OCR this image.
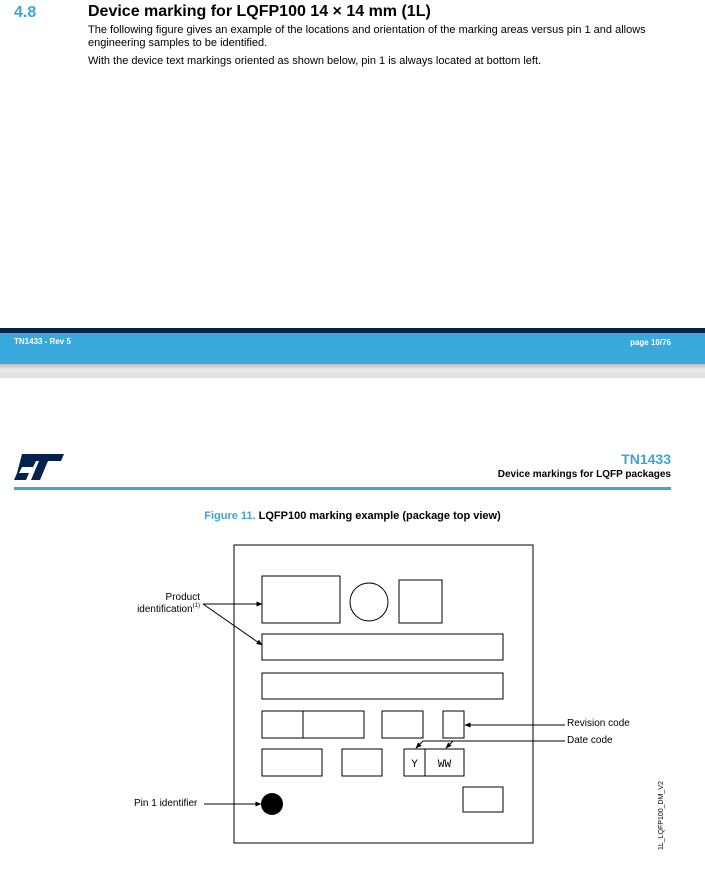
4.8	Device marking for LQFP100 14 × 14 mm (1L)
The following figure gives an example of the locations and orientation of the marking areas versus pin 1 and allows engineering samples to be identified.
With the device text markings oriented as shown below, pin 1 is always located at bottom left.
TN1433 - Rev 5	page 10/76
TN1433
Device markings for LQFP packages
Figure 11. LQFP100 marking example (package top view)
Y WW
Product
identification$^{(1)}$
Pin 1 identifier
Revision code
Date code
1L_LQFP100_DM_V2
